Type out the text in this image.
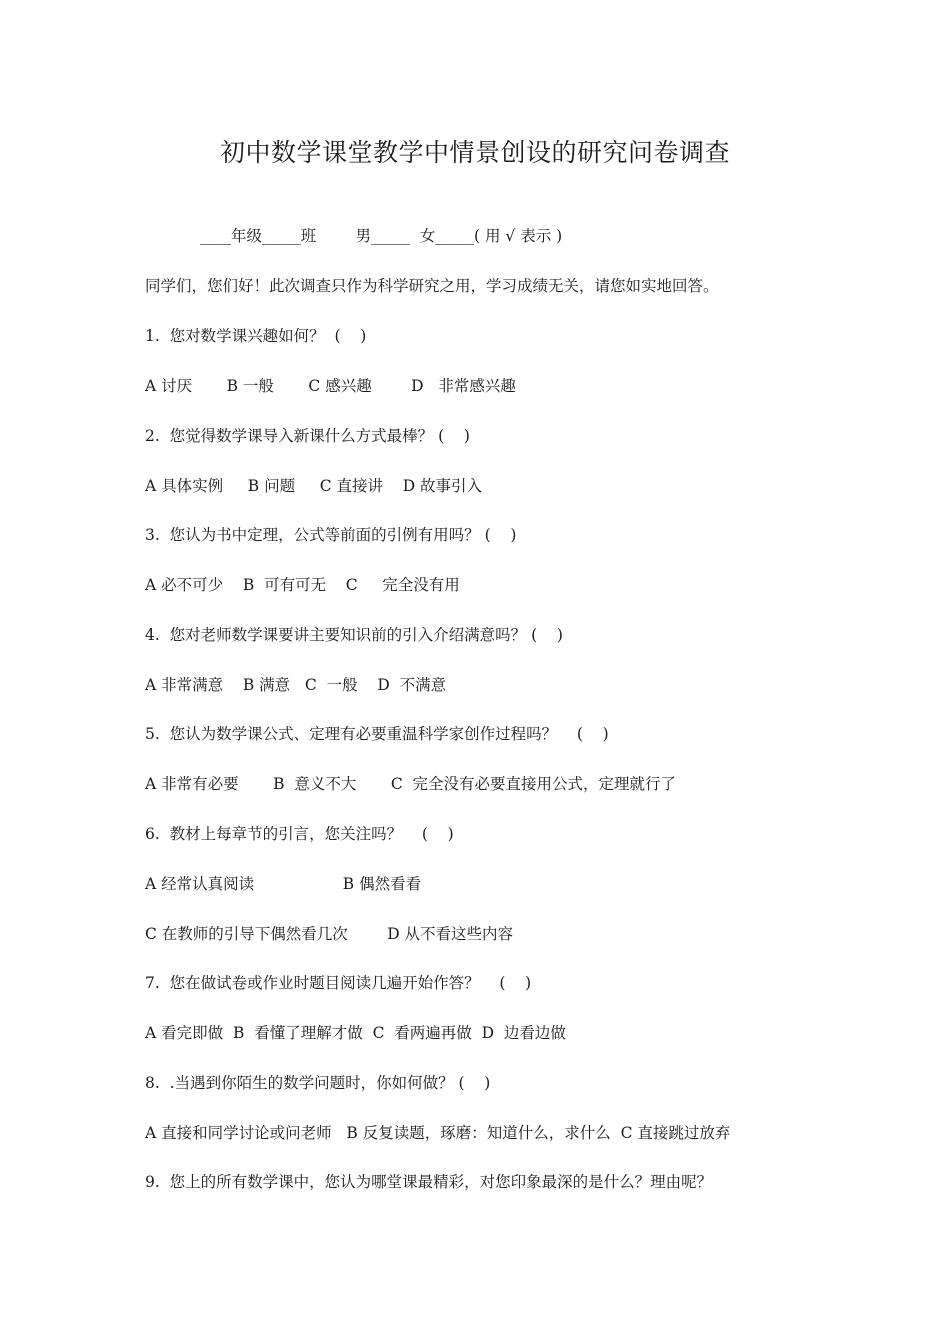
初中数学课堂教学中情景创设的研究问卷调查
____年级_____班        男_____  女_____( 用 √ 表示 )
同学们，您们好！此次调查只作为科学研究之用，学习成绩无关，请您如实地回答。
1.  您对数学课兴趣如何？  (    )
A 讨厌       B 一般       C 感兴趣        D   非常感兴趣
2.  您觉得数学课导入新课什么方式最棒？ (    )
A 具体实例     B 问题     C 直接讲    D 故事引入
3.  您认为书中定理，公式等前面的引例有用吗？ (    )
A 必不可少    B  可有可无    C     完全没有用
4.  您对老师数学课要讲主要知识前的引入介绍满意吗？ (    )
A 非常满意    B 满意   C  一般    D  不满意
5.  您认为数学课公式、定理有必要重温科学家创作过程吗？    (    )
A 非常有必要       B  意义不大       C  完全没有必要直接用公式，定理就行了
6.  教材上每章节的引言，您关注吗？    (    )
A 经常认真阅读                  B 偶然看看
C 在教师的引导下偶然看几次        D 从不看这些内容
7.  您在做试卷或作业时题目阅读几遍开始作答？    (    )
A 看完即做  B  看懂了理解才做  C  看两遍再做  D  边看边做
8.  .当遇到你陌生的数学问题时，你如何做？ (    )
A 直接和同学讨论或问老师   B 反复读题，琢磨：知道什么，求什么  C 直接跳过放弃
9.  您上的所有数学课中，您认为哪堂课最精彩，对您印象最深的是什么？理由呢？
